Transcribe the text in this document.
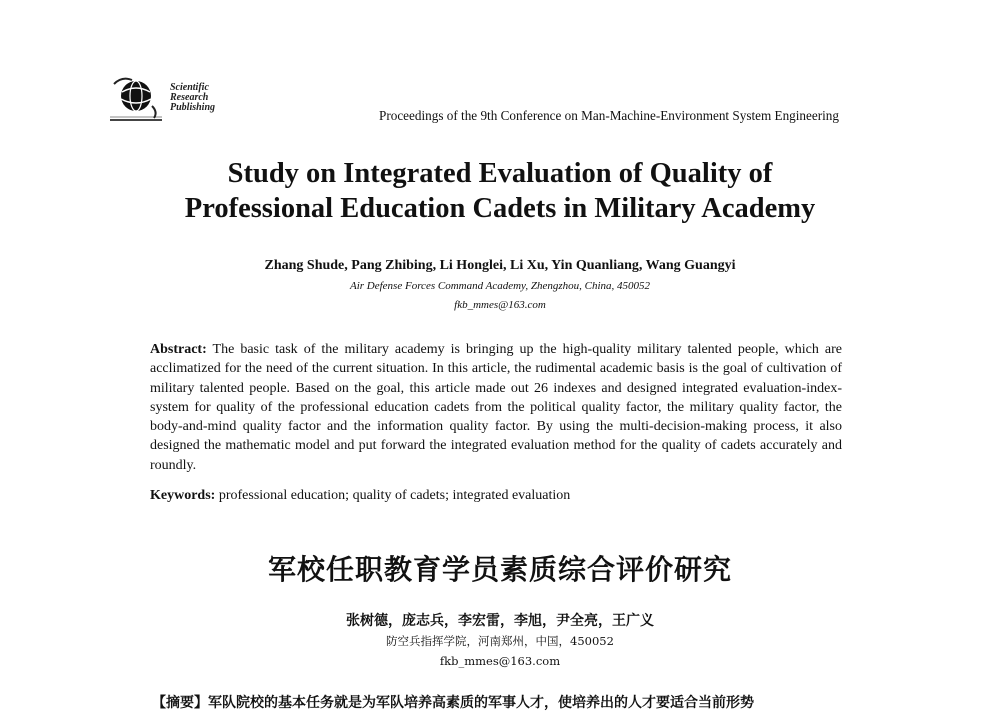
Scientific
Research
Publishing
Proceedings of the 9th Conference on Man-Machine-Environment System Engineering
Study on Integrated Evaluation of Quality of
Professional Education Cadets in Military Academy
Zhang Shude, Pang Zhibing, Li Honglei, Li Xu, Yin Quanliang, Wang Guangyi
Air Defense Forces Command Academy, Zhengzhou, China, 450052
fkb_mmes@163.com

Abstract: The basic task of the military academy is bringing up the high-quality military talented people, which are acclimatized for the need of the current situation. In this article, the rudimental academic basis is the goal of cultivation of military talented people. Based on the goal, this article made out 26 indexes and designed integrated evaluation-index-system for quality of the professional education cadets from the political quality factor, the military quality factor, the body-and-mind quality factor and the information quality factor. By using the multi-decision-making process, it also designed the mathematic model and put forward the integrated evaluation method for the quality of cadets accurately and roundly.

Keywords: professional education; quality of cadets; integrated evaluation

军校任职教育学员素质综合评价研究
张树德，庞志兵，李宏雷，李旭，尹全亮，王广义
防空兵指挥学院，河南郑州，中国，450052
fkb_mmes@163.com
【摘要】军队院校的基本任务就是为军队培养高素质的军事人才，使培养出的人才要适合当前形势
